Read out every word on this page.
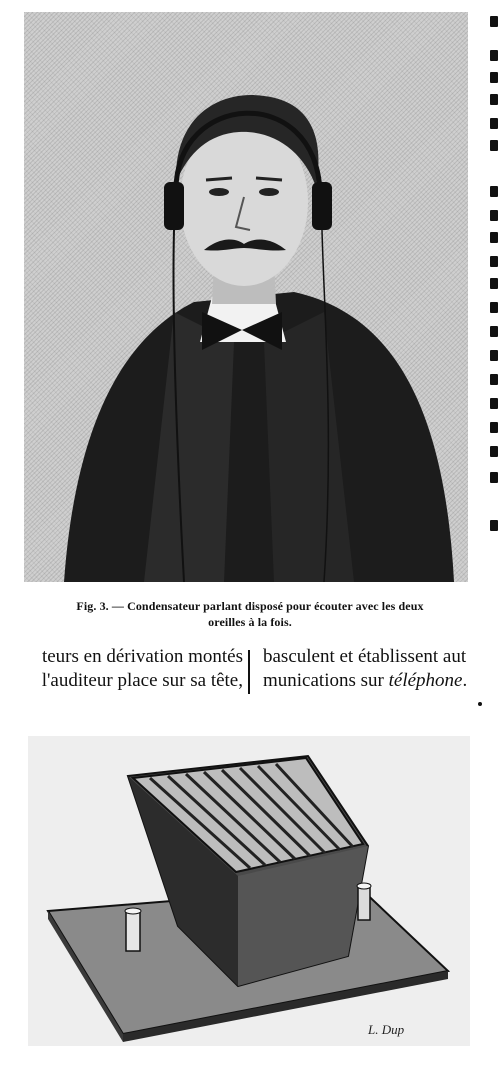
Fig. 3. — Condensateur parlant disposé pour écouter avec les deux
oreilles à la fois.
teurs en dérivation montés
l'auditeur place sur sa tête,
basculent et établissent aut
munications sur téléphone.
L. Dup
